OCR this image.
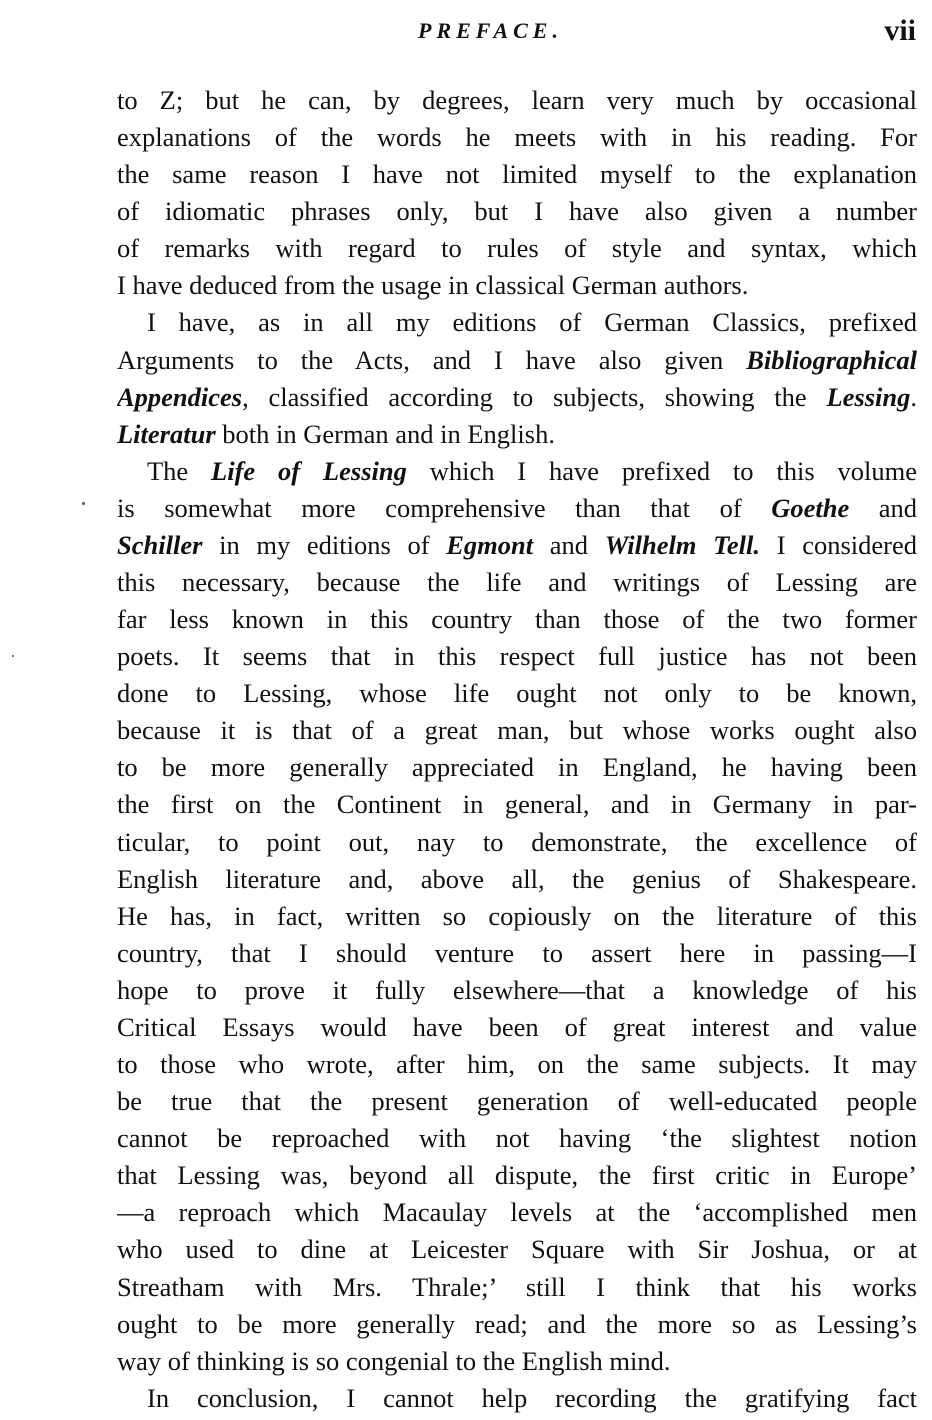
PREFACE.	vii
to Z; but he can, by degrees, learn very much by occasional
explanations of the words he meets with in his reading. For
the same reason I have not limited myself to the explanation
of idiomatic phrases only, but I have also given a number
of remarks with regard to rules of style and syntax, which
I have deduced from the usage in classical German authors.
I have, as in all my editions of German Classics, prefixed
Arguments to the Acts, and I have also given Bibliographical
Appendices, classified according to subjects, showing the Lessing.
Literatur both in German and in English.
The Life of Lessing which I have prefixed to this volume
is somewhat more comprehensive than that of Goethe and
Schiller in my editions of Egmont and Wilhelm Tell. I considered
this necessary, because the life and writings of Lessing are
far less known in this country than those of the two former
poets. It seems that in this respect full justice has not been
done to Lessing, whose life ought not only to be known,
because it is that of a great man, but whose works ought also
to be more generally appreciated in England, he having been
the first on the Continent in general, and in Germany in par-
ticular, to point out, nay to demonstrate, the excellence of
English literature and, above all, the genius of Shakespeare.
He has, in fact, written so copiously on the literature of this
country, that I should venture to assert here in passing—I
hope to prove it fully elsewhere—that a knowledge of his
Critical Essays would have been of great interest and value
to those who wrote, after him, on the same subjects. It may
be true that the present generation of well-educated people
cannot be reproached with not having ‘the slightest notion
that Lessing was, beyond all dispute, the first critic in Europe’
—a reproach which Macaulay levels at the ‘accomplished men
who used to dine at Leicester Square with Sir Joshua, or at
Streatham with Mrs. Thrale;’ still I think that his works
ought to be more generally read; and the more so as Lessing’s
way of thinking is so congenial to the English mind.
In conclusion, I cannot help recording the gratifying fact
